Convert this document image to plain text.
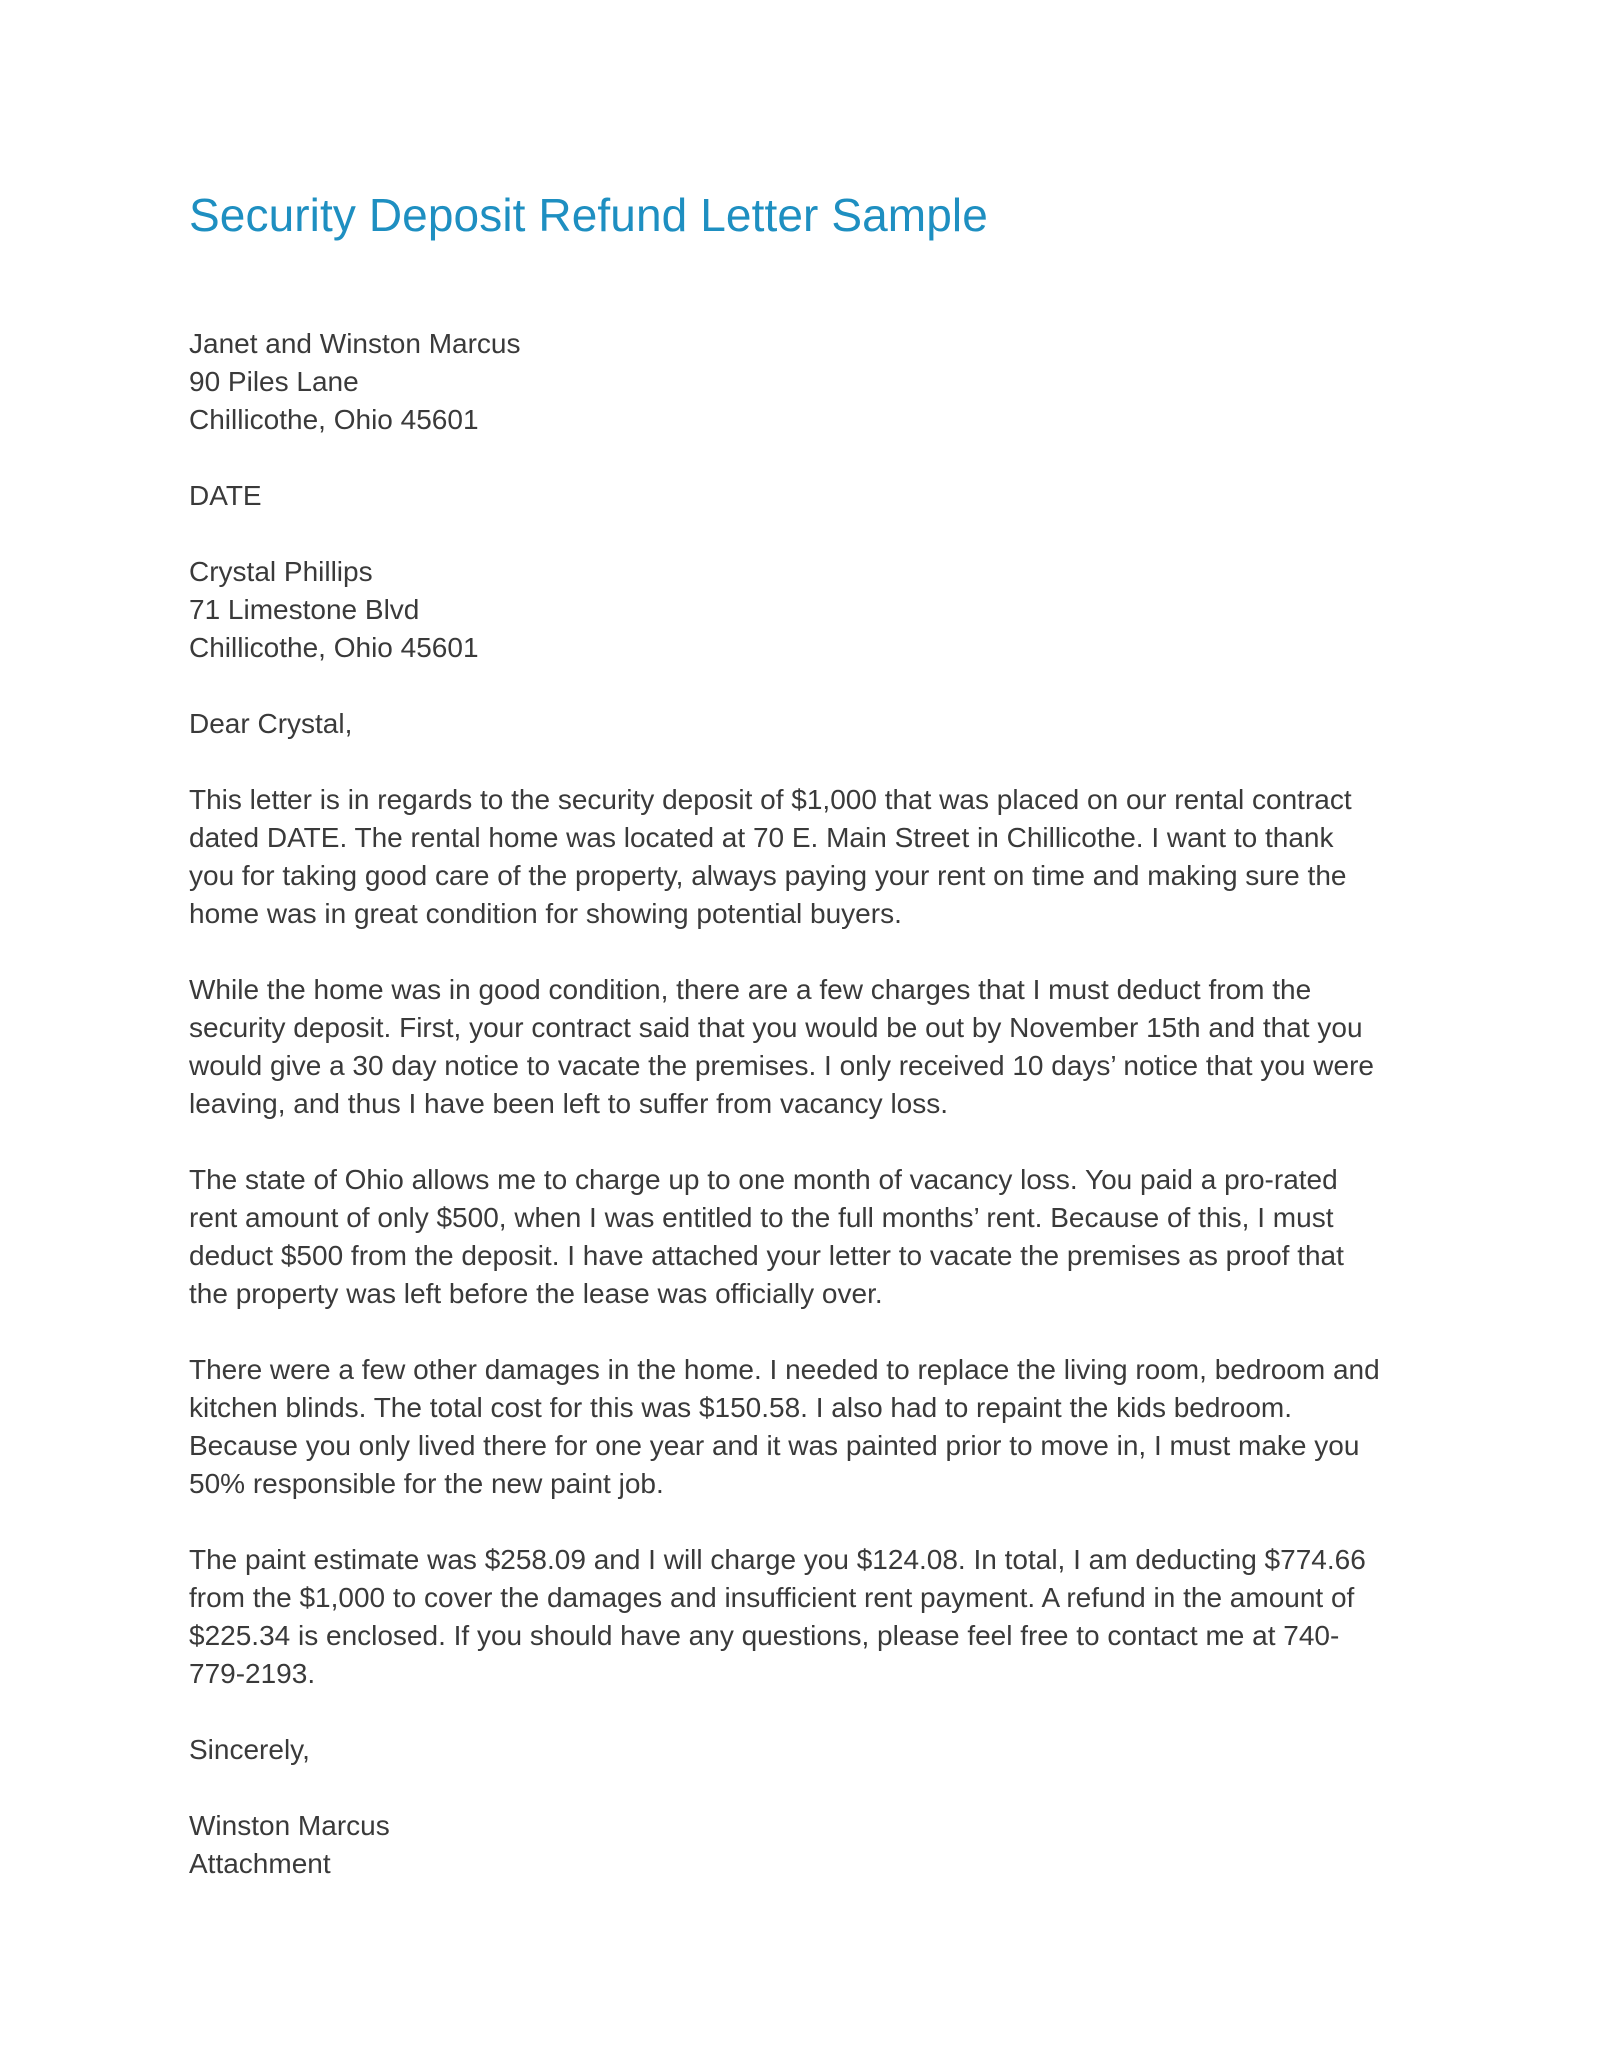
Security Deposit Refund Letter Sample
Janet and Winston Marcus
90 Piles Lane
Chillicothe, Ohio 45601
DATE
Crystal Phillips
71 Limestone Blvd
Chillicothe, Ohio 45601
Dear Crystal,
This letter is in regards to the security deposit of $1,000 that was placed on our rental contract
dated DATE. The rental home was located at 70 E. Main Street in Chillicothe. I want to thank
you for taking good care of the property, always paying your rent on time and making sure the
home was in great condition for showing potential buyers.
While the home was in good condition, there are a few charges that I must deduct from the
security deposit. First, your contract said that you would be out by November 15th and that you
would give a 30 day notice to vacate the premises. I only received 10 days’ notice that you were
leaving, and thus I have been left to suffer from vacancy loss.
The state of Ohio allows me to charge up to one month of vacancy loss. You paid a pro-rated
rent amount of only $500, when I was entitled to the full months’ rent. Because of this, I must
deduct $500 from the deposit. I have attached your letter to vacate the premises as proof that
the property was left before the lease was officially over.
There were a few other damages in the home. I needed to replace the living room, bedroom and
kitchen blinds. The total cost for this was $150.58. I also had to repaint the kids bedroom.
Because you only lived there for one year and it was painted prior to move in, I must make you
50% responsible for the new paint job.
The paint estimate was $258.09 and I will charge you $124.08. In total, I am deducting $774.66
from the $1,000 to cover the damages and insufficient rent payment. A refund in the amount of
$225.34 is enclosed. If you should have any questions, please feel free to contact me at 740-
779-2193.
Sincerely,
Winston Marcus
Attachment
